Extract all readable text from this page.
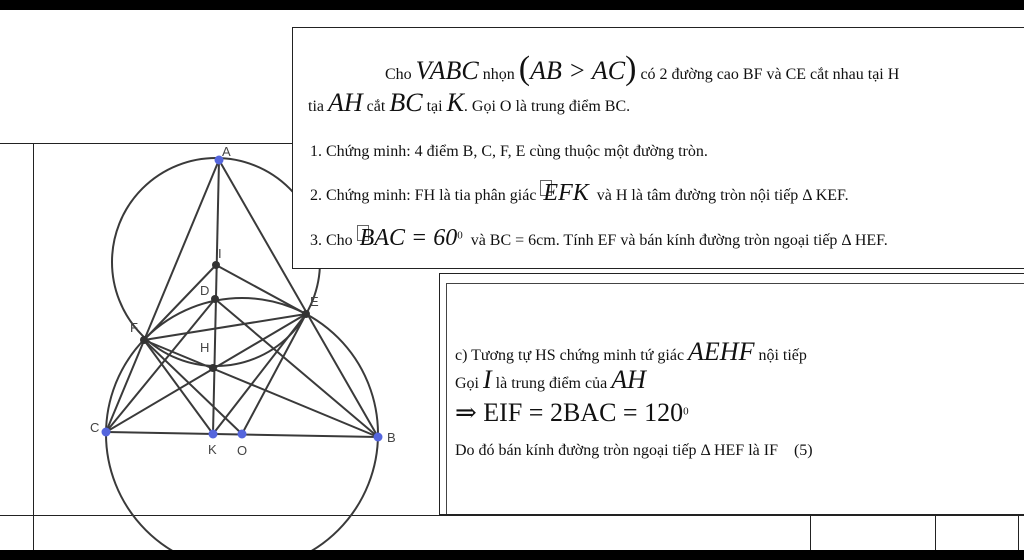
A
I
D
E
F
H
C
K O
B
Cho VABC nhọn (AB > AC) có 2 đường cao BF và CE cắt nhau tại H
tia AH cắt BC tại K. Gọi O là trung điểm BC.
1. Chứng minh: 4 điểm B, C, F, E cùng thuộc một đường tròn.
2. Chứng minh: FH là tia phân giác EFK và H là tâm đường tròn nội tiếp Δ KEF.
3. Cho BAC = $60^0$ và BC = 6cm. Tính EF và bán kính đường tròn ngoại tiếp Δ HEF.
c) Tương tự HS chứng minh tứ giác AEHF nội tiếp
Gọi I là trung điểm của AH
⇒ EIF = $2BAC = 120^0$
Do đó bán kính đường tròn ngoại tiếp Δ HEF là IF (5)
